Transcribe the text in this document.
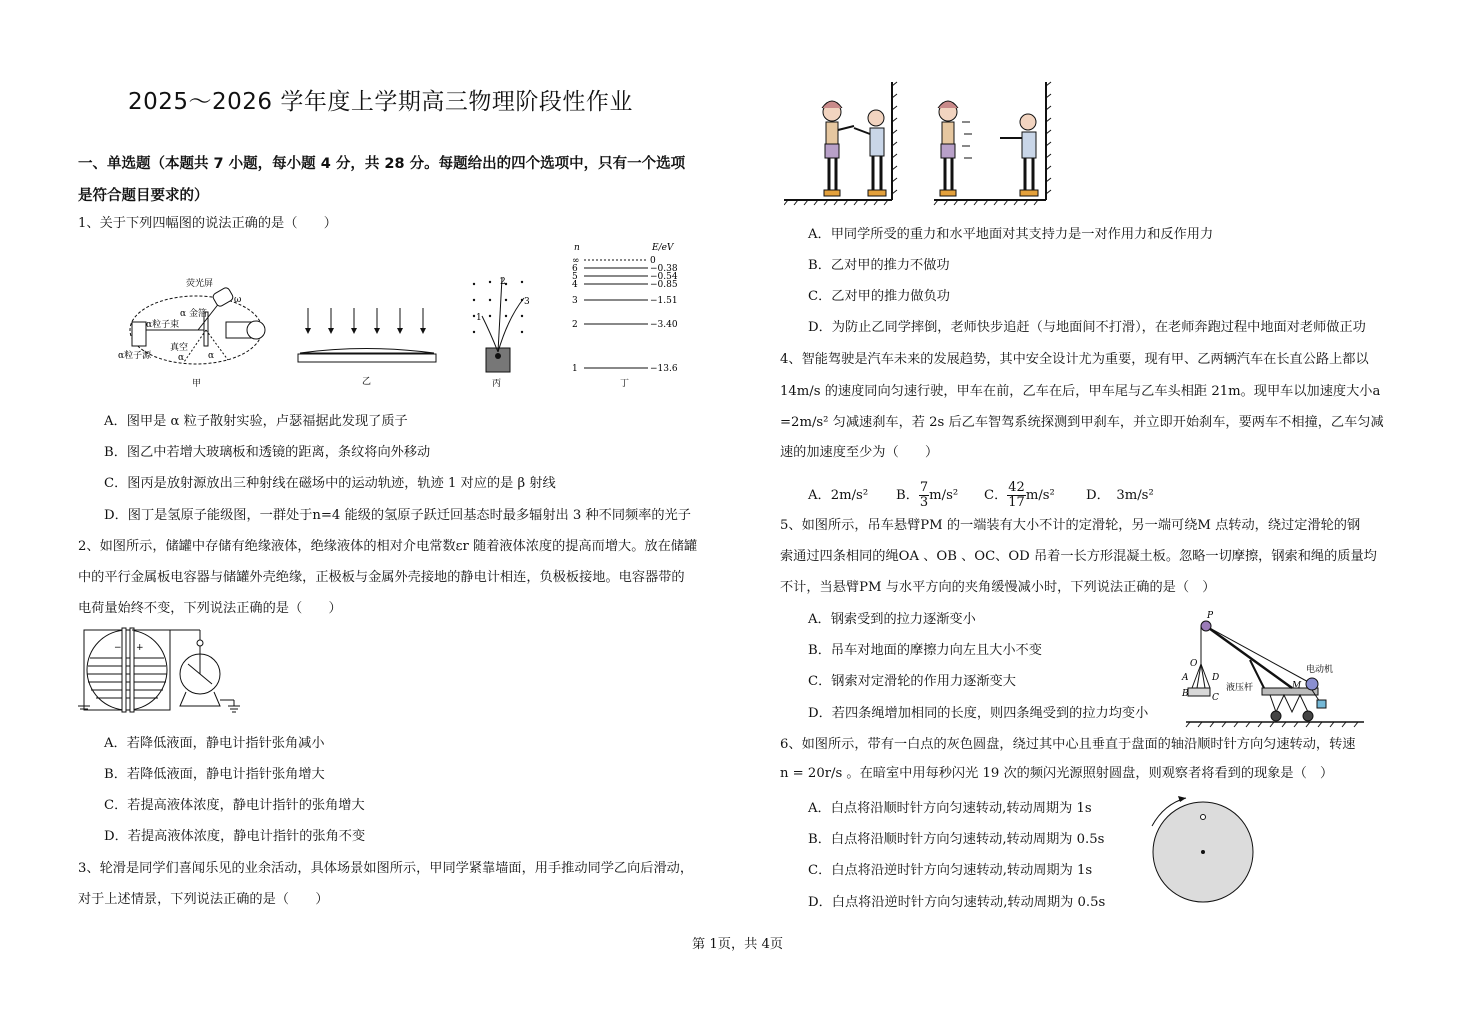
2025～2026 学年度上学期高三物理阶段性作业
一、单选题（本题共 7 小题，每小题 4 分，共 28 分。每题给出的四个选项中，只有一个选项
是符合题目要求的）
1、关于下列四幅图的说法正确的是（　　）
荧光屏
α 金箔
α粒子束
ω
真空
α	α
α粒子源
甲	乙
1
2
3
丙
n	E/eV
∞	0
6	−0.38
5	−0.54
4	−0.85
3	−1.51
2	−3.40
1	−13.6
丁
A．图甲是 α 粒子散射实验，卢瑟福据此发现了质子
B．图乙中若增大玻璃板和透镜的距离，条纹将向外移动
C．图丙是放射源放出三种射线在磁场中的运动轨迹，轨迹 1 对应的是 β 射线
D．图丁是氢原子能级图，一群处于n=4 能级的氢原子跃迁回基态时最多辐射出 3 种不同频率的光子
2、如图所示，储罐中存储有绝缘液体，绝缘液体的相对介电常数εr 随着液体浓度的提高而增大。放在储罐
中的平行金属板电容器与储罐外壳绝缘，正极板与金属外壳接地的静电计相连，负极板接地。电容器带的
电荷量始终不变，下列说法正确的是（　　）
− +
A．若降低液面，静电计指针张角减小
B．若降低液面，静电计指针张角增大
C．若提高液体浓度，静电计指针的张角增大
D．若提高液体浓度，静电计指针的张角不变
3、轮滑是同学们喜闻乐见的业余活动，具体场景如图所示，甲同学紧靠墙面，用手推动同学乙向后滑动，
对于上述情景，下列说法正确的是（　　）
A．甲同学所受的重力和水平地面对其支持力是一对作用力和反作用力
B．乙对甲的推力不做功
C．乙对甲的推力做负功
D．为防止乙同学摔倒，老师快步追赶（与地面间不打滑），在老师奔跑过程中地面对老师做正功
4、智能驾驶是汽车未来的发展趋势，其中安全设计尤为重要，现有甲、乙两辆汽车在长直公路上都以
14m/s 的速度同向匀速行驶，甲车在前，乙车在后，甲车尾与乙车头相距 21m。现甲车以加速度大小a
=2m/s² 匀减速刹车，若 2s 后乙车智驾系统探测到甲刹车，并立即开始刹车，要两车不相撞，乙车匀减
速的加速度至少为（　　）
A．2m/s² B． $\frac{7}{3} m/s^2$ C． $\frac{42}{17} m/s^2$ D．　3m/s²
5、如图所示，吊车悬臂PM 的一端装有大小不计的定滑轮，另一端可绕M 点转动，绕过定滑轮的钢
索通过四条相同的绳OA 、OB 、OC、OD 吊着一长方形混凝土板。忽略一切摩擦，钢索和绳的质量均
不计，当悬臂PM 与水平方向的夹角缓慢减小时，下列说法正确的是（　）
A．钢索受到的拉力逐渐变小
B．吊车对地面的摩擦力向左且大小不变
C．钢索对定滑轮的作用力逐渐变大
D．若四条绳增加相同的长度，则四条绳受到的拉力均变小
P
O
A	D
B	C
液压杆	M
电动机
6、如图所示，带有一白点的灰色圆盘，绕过其中心且垂直于盘面的轴沿顺时针方向匀速转动，转速
n = 20r/s 。在暗室中用每秒闪光 19 次的频闪光源照射圆盘，则观察者将看到的现象是（　）
A．白点将沿顺时针方向匀速转动,转动周期为 1s
B．白点将沿顺时针方向匀速转动,转动周期为 0.5s
C．白点将沿逆时针方向匀速转动,转动周期为 1s
D．白点将沿逆时针方向匀速转动,转动周期为 0.5s
第 1页，共 4页
